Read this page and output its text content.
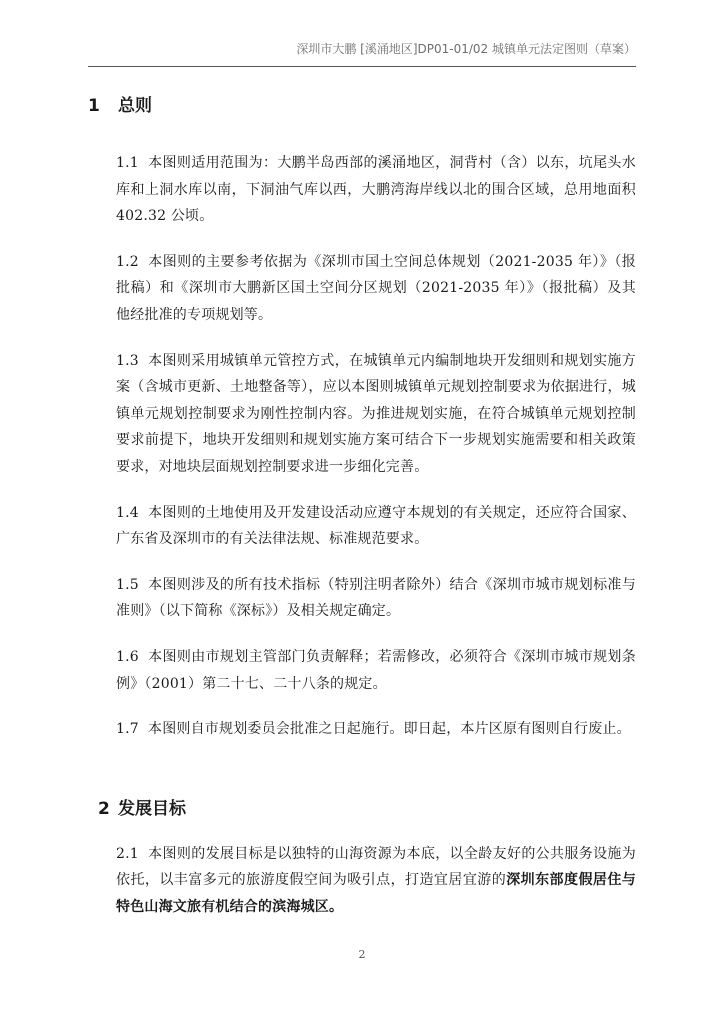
深圳市大鹏 [溪涌地区]DP01-01/02 城镇单元法定图则（草案）
1 总则

1.1 本图则适用范围为：大鹏半岛西部的溪涌地区，洞背村（含）以东，坑尾头水库和上洞水库以南，下洞油气库以西，大鹏湾海岸线以北的围合区域，总用地面积 402.32 公顷。

1.2 本图则的主要参考依据为《深圳市国土空间总体规划（2021-2035 年）》（报批稿）和《深圳市大鹏新区国土空间分区规划（2021-2035 年）》（报批稿）及其他经批准的专项规划等。

1.3 本图则采用城镇单元管控方式，在城镇单元内编制地块开发细则和规划实施方案（含城市更新、土地整备等），应以本图则城镇单元规划控制要求为依据进行，城镇单元规划控制要求为刚性控制内容。为推进规划实施，在符合城镇单元规划控制要求前提下，地块开发细则和规划实施方案可结合下一步规划实施需要和相关政策要求，对地块层面规划控制要求进一步细化完善。

1.4 本图则的土地使用及开发建设活动应遵守本规划的有关规定，还应符合国家、广东省及深圳市的有关法律法规、标准规范要求。

1.5 本图则涉及的所有技术指标（特别注明者除外）结合《深圳市城市规划标准与准则》（以下简称《深标》）及相关规定确定。

1.6 本图则由市规划主管部门负责解释；若需修改，必须符合《深圳市城市规划条例》（2001）第二十七、二十八条的规定。

1.7 本图则自市规划委员会批准之日起施行。即日起，本片区原有图则自行废止。

2 发展目标

2.1 本图则的发展目标是以独特的山海资源为本底，以全龄友好的公共服务设施为依托，以丰富多元的旅游度假空间为吸引点，打造宜居宜游的深圳东部度假居住与特色山海文旅有机结合的滨海城区。

2
